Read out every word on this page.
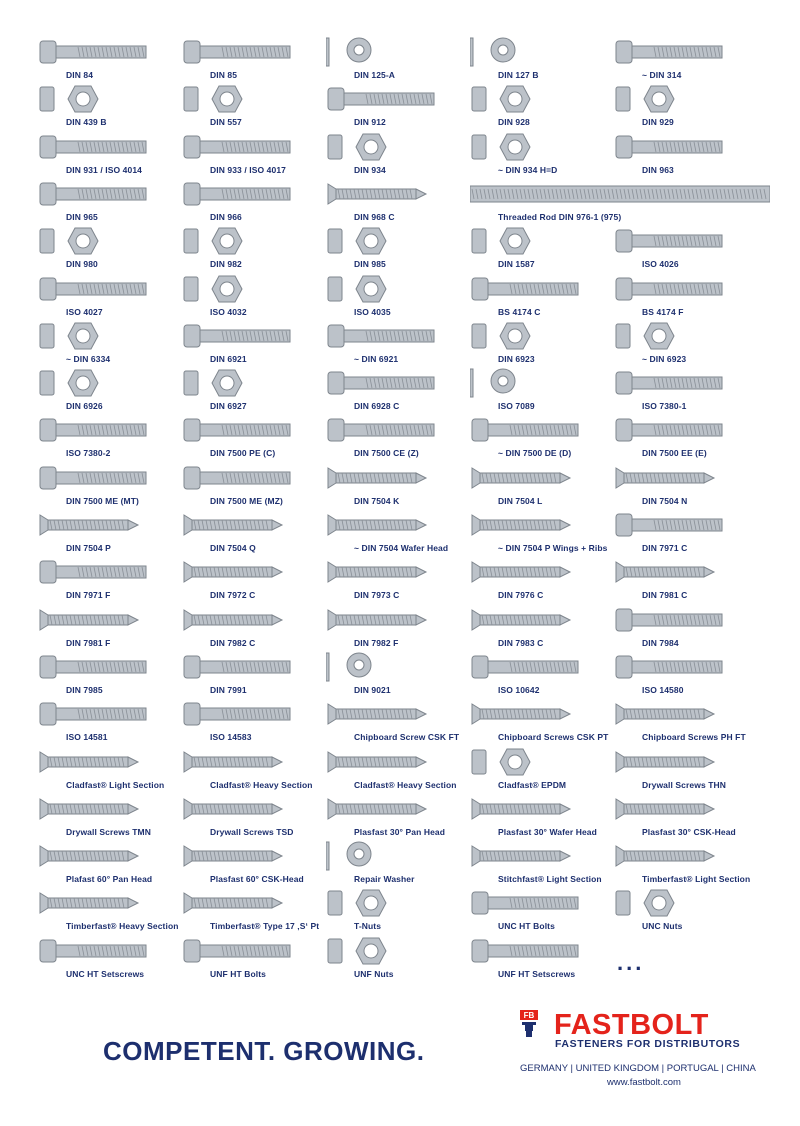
DIN 84	DIN 85	DIN 125-A	DIN 127 B	~ DIN 314
DIN 439 B	DIN 557	DIN 912	DIN 928	DIN 929
DIN 931 / ISO 4014	DIN 933 / ISO 4017	DIN 934	~ DIN 934 H=D	DIN 963
DIN 965	DIN 966	DIN 968 C	Threaded Rod DIN 976-1 (975)
DIN 980	DIN 982	DIN 985	DIN 1587	ISO 4026
ISO 4027	ISO 4032	ISO 4035	BS 4174 C	BS 4174 F
~ DIN 6334	DIN 6921	~ DIN 6921	DIN 6923	~ DIN 6923
DIN 6926	DIN 6927	DIN 6928 C	ISO 7089	ISO 7380-1
ISO 7380-2	DIN 7500 PE (C)	DIN 7500 CE (Z)	~ DIN 7500 DE (D)	DIN 7500 EE (E)
DIN 7500 ME (MT)	DIN 7500 ME (MZ)	DIN 7504 K	DIN 7504 L	DIN 7504 N
DIN 7504 P	DIN 7504 Q	~ DIN 7504 Wafer Head	~ DIN 7504 P Wings + Ribs	DIN 7971 C
DIN 7971 F	DIN 7972 C	DIN 7973 C	DIN 7976 C	DIN 7981 C
DIN 7981 F	DIN 7982 C	DIN 7982 F	DIN 7983 C	DIN 7984
DIN 7985	DIN 7991	DIN 9021	ISO 10642	ISO 14580
ISO 14581	ISO 14583	Chipboard Screw CSK FT	Chipboard Screws CSK PT	Chipboard Screws PH FT
Cladfast® Light Section	Cladfast® Heavy Section	Cladfast® Heavy Section	Cladfast® EPDM	Drywall Screws THN
Drywall Screws TMN	Drywall Screws TSD	Plasfast 30° Pan Head	Plasfast 30° Wafer Head	Plasfast 30° CSK-Head
Plafast 60° Pan Head	Plasfast 60° CSK-Head	Repair Washer	Stitchfast® Light Section	Timberfast® Light Section
Timberfast® Heavy Section	Timberfast® Type 17 ‚S‘ Pt	T-Nuts	UNC HT Bolts	UNC Nuts
UNC HT Setscrews	UNF HT Bolts	UNF Nuts	UNF HT Setscrews ...
COMPETENT. GROWING.
FB FASTBOLT
FASTENERS FOR DISTRIBUTORS
GERMANY | UNITED KINGDOM | PORTUGAL | CHINA
www.fastbolt.com
